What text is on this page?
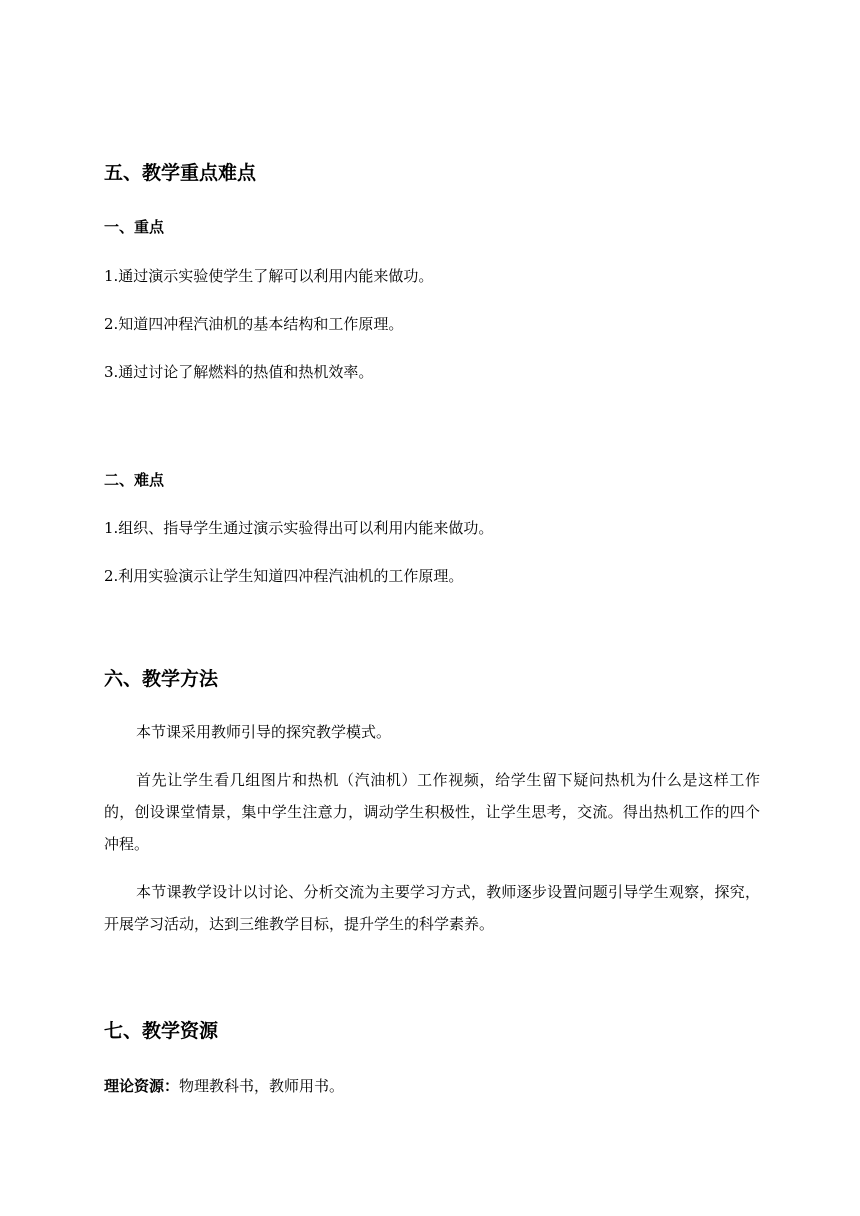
五、教学重点难点
一、重点

1.通过演示实验使学生了解可以利用内能来做功。

2.知道四冲程汽油机的基本结构和工作原理。

3.通过讨论了解燃料的热值和热机效率。

二、难点

1.组织、指导学生通过演示实验得出可以利用内能来做功。

2.利用实验演示让学生知道四冲程汽油机的工作原理。

六、教学方法

本节课采用教师引导的探究教学模式。

首先让学生看几组图片和热机（汽油机）工作视频，给学生留下疑问热机为什么是这样工作的，创设课堂情景，集中学生注意力，调动学生积极性，让学生思考，交流。得出热机工作的四个冲程。

本节课教学设计以讨论、分析交流为主要学习方式，教师逐步设置问题引导学生观察，探究，开展学习活动，达到三维教学目标，提升学生的科学素养。

七、教学资源

理论资源：物理教科书，教师用书。
